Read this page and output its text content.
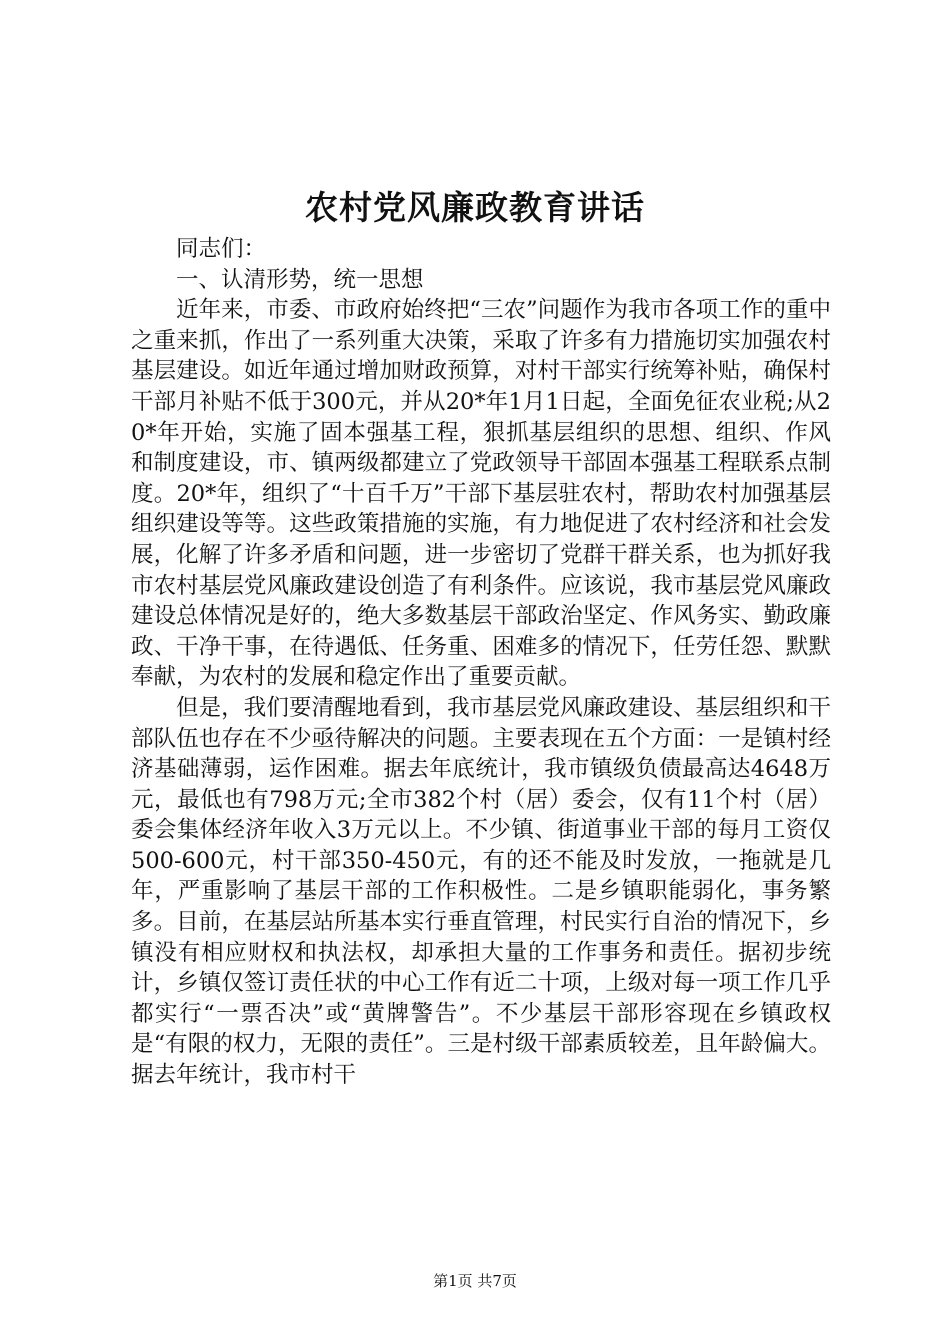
农村党风廉政教育讲话

同志们：

一、认清形势，统一思想

近年来，市委、市政府始终把“三农”问题作为我市各项工作的重中之重来抓，作出了一系列重大决策，采取了许多有力措施切实加强农村基层建设。如近年通过增加财政预算，对村干部实行统筹补贴，确保村干部月补贴不低于300元，并从20*年1月1日起，全面免征农业税;从20*年开始，实施了固本强基工程，狠抓基层组织的思想、组织、作风和制度建设，市、镇两级都建立了党政领导干部固本强基工程联系点制度。20*年，组织了“十百千万”干部下基层驻农村，帮助农村加强基层组织建设等等。这些政策措施的实施，有力地促进了农村经济和社会发展，化解了许多矛盾和问题，进一步密切了党群干群关系，也为抓好我市农村基层党风廉政建设创造了有利条件。应该说，我市基层党风廉政建设总体情况是好的，绝大多数基层干部政治坚定、作风务实、勤政廉政、干净干事，在待遇低、任务重、困难多的情况下，任劳任怨、默默奉献，为农村的发展和稳定作出了重要贡献。

但是，我们要清醒地看到，我市基层党风廉政建设、基层组织和干部队伍也存在不少亟待解决的问题。主要表现在五个方面：一是镇村经济基础薄弱，运作困难。据去年底统计，我市镇级负债最高达4648万元，最低也有798万元;全市382个村（居）委会，仅有11个村（居）委会集体经济年收入3万元以上。不少镇、街道事业干部的每月工资仅500-600元，村干部350-450元，有的还不能及时发放，一拖就是几年，严重影响了基层干部的工作积极性。二是乡镇职能弱化，事务繁多。目前，在基层站所基本实行垂直管理，村民实行自治的情况下，乡镇没有相应财权和执法权，却承担大量的工作事务和责任。据初步统计，乡镇仅签订责任状的中心工作有近二十项，上级对每一项工作几乎都实行“一票否决”或“黄牌警告”。不少基层干部形容现在乡镇政权是“有限的权力，无限的责任”。三是村级干部素质较差，且年龄偏大。据去年统计，我市村干

第1页 共7页
